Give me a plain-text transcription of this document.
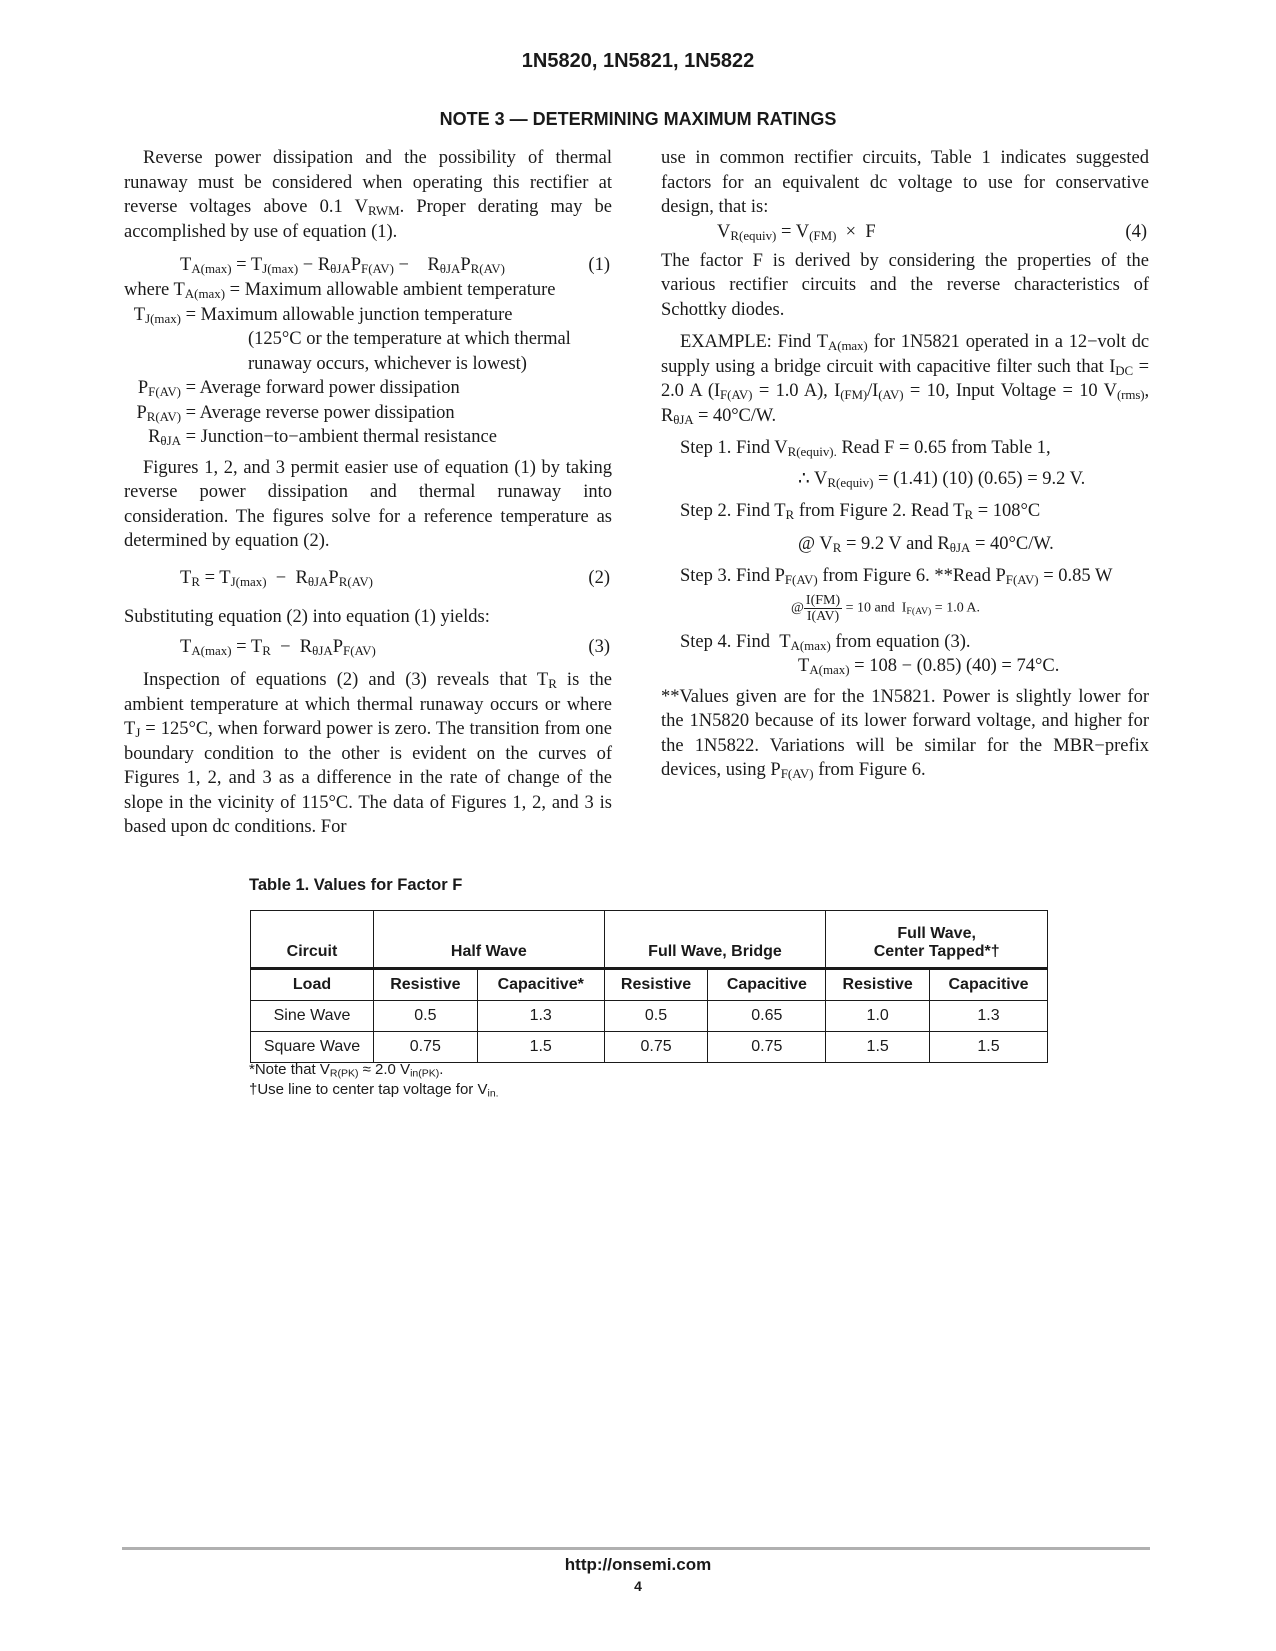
1N5820, 1N5821, 1N5822
NOTE 3 — DETERMINING MAXIMUM RATINGS

Reverse power dissipation and the possibility of thermal runaway must be considered when operating this rectifier at reverse voltages above 0.1 $V_{RWM}$. Proper derating may be accomplished by use of equation (1).

$T_{A(max)} = T_{J(max)} - R_{\theta JA}P_{F(AV)}$ −    $R_{\theta JA}P_{R(AV)}$	(1)
where $T_{A(max)}$ = Maximum allowable ambient temperature
$T_{J(max)}$ = Maximum allowable junction temperature
(125°C or the temperature at which thermal
runaway occurs, whichever is lowest)
$P_{F(AV)}$ = Average forward power dissipation
$P_{R(AV)}$ = Average reverse power dissipation
$R_{\theta JA}$ = Junction−to−ambient thermal resistance

Figures 1, 2, and 3 permit easier use of equation (1) by taking reverse power dissipation and thermal runaway into consideration. The figures solve for a reference temperature as determined by equation (2).

$T_R = T_{J(max)} - R_{\theta JA}P_{R(AV)}$	(2)

Substituting equation (2) into equation (1) yields:

$T_{A(max)} = T_R - R_{\theta JA}P_{F(AV)}$	(3)

Inspection of equations (2) and (3) reveals that $T_R$ is the ambient temperature at which thermal runaway occurs or where $T_J = 125^\circ C$, when forward power is zero. The transition from one boundary condition to the other is evident on the curves of Figures 1, 2, and 3 as a difference in the rate of change of the slope in the vicinity of 115°C. The data of Figures 1, 2, and 3 is based upon dc conditions. For

use in common rectifier circuits, Table 1 indicates suggested factors for an equivalent dc voltage to use for conservative design, that is:

$V_{R(equiv)} = V_{(FM)} \times F$	(4)

The factor F is derived by considering the properties of the various rectifier circuits and the reverse characteristics of Schottky diodes.

EXAMPLE: Find $T_{A(max)}$ for 1N5821 operated in a 12−volt dc supply using a bridge circuit with capacitive filter such that $I_{DC} = 2.0$ A ($I_{F(AV)} = 1.0$ A), $I_{(FM)}/I_{(AV)} = 10$, Input Voltage = 10 $V_{(rms)}$, $R_{\theta JA} = 40^\circ C/W$.

Step 1. Find $V_{R(equiv).}$ Read F = 0.65 from Table 1,
∴ $V_{R(equiv)} = (1.41)$ (10) (0.65) = 9.2 V.
Step 2. Find $T_R$ from Figure 2. Read $T_R = 108^\circ C$
@ $V_R = 9.2$ V and $R_{\theta JA} = 40^\circ C/W$.
Step 3. Find $P_{F(AV)}$ from Figure 6. **Read $P_{F(AV)} = 0.85$ W
@ $\frac{I(FM)}{I(AV)} = 10$ and  $I_{F(AV)} = 1.0$ A.
Step 4. Find  $T_{A(max)}$ from equation (3).
$T_{A(max)} = 108 - (0.85) (40) = 74^\circ C$.

**Values given are for the 1N5821. Power is slightly lower for the 1N5820 because of its lower forward voltage, and higher for the 1N5822. Variations will be similar for the MBR−prefix devices, using $P_{F(AV)}$ from Figure 6.

Table 1. Values for Factor F
Circuit	Half Wave		Full Wave, Bridge		Full Wave,
Center Tapped*†	
Load	Resistive	Capacitive*	Resistive	Capacitive	Resistive	Capacitive
Sine Wave	0.5	1.3	0.5	0.65	1.0	1.3
Square Wave	0.75	1.5	0.75	0.75	1.5	1.5
*Note that $V_{R(PK)} \approx 2.0$ $V_{in(PK)}$.
†Use line to center tap voltage for $V_{in.}$
http://onsemi.com
4
